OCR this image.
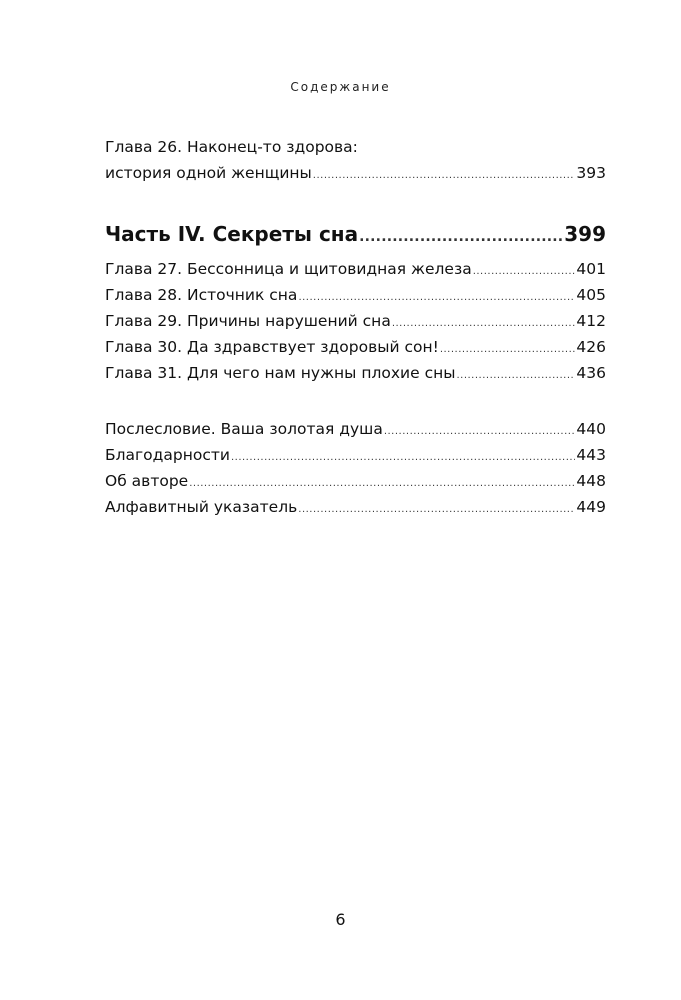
Содержание
Глава 26. Наконец-то здорова:
история одной женщины .....	393
Часть IV. Секреты сна .....	399
Глава 27. Бессонница и щитовидная железа .....	401
Глава 28. Источник сна .....	405
Глава 29. Причины нарушений сна .....	412
Глава 30. Да здравствует здоровый сон! .....	426
Глава 31. Для чего нам нужны плохие сны .....	436
Послесловие. Ваша золотая душа .....	440
Благодарности .....	443
Об авторе .....	448
Алфавитный указатель .....	449
6
